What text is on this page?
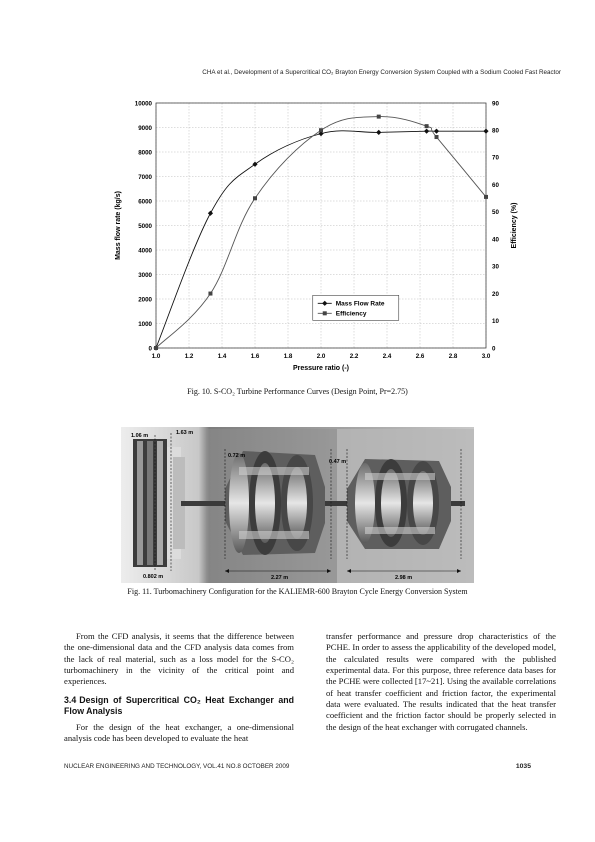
CHA et al., Development of a Supercritical CO₂ Brayton Energy Conversion System Coupled with a Sodium Cooled Fast Reactor
0
1000
2000
3000
4000
5000
6000
7000
8000
9000
10000
0
10
20
30
40
50
60
70
80
90
1.0	1.2	1.4	1.6	1.8	2.0	2.2	2.4	2.6	2.8	3.0
Pressure ratio (-)
Mass flow rate (kg/s)	Efficiency (%)
Mass Flow Rate
Efficiency
Fig. 10. S-CO₂ Turbine Performance Curves (Design Point, Pr=2.75)
1.06 m	1.63 m
0.72 m
0.47 m
0.802 m	2.27 m	2.98 m
Fig. 11. Turbomachinery Configuration for the KALIEMR-600 Brayton Cycle Energy Conversion System

From the CFD analysis, it seems that the difference between the one-dimensional data and the CFD analysis data comes from the lack of real material, such as a loss model for the S-CO₂ turbomachinery in the vicinity of the critical point and experiences.

3.4 Design of Supercritical CO₂ Heat Exchanger and Flow Analysis

For the design of the heat exchanger, a one-dimensional analysis code has been developed to evaluate the heat

transfer performance and pressure drop characteristics of the PCHE. In order to assess the applicability of the developed model, the calculated results were compared with the published experimental data. For this purpose, three reference data bases for the PCHE were collected [17~21]. Using the available correlations of heat transfer coefficient and friction factor, the experimental data were evaluated. The results indicated that the heat transfer coefficient and the friction factor should be properly selected in the design of the heat exchanger with corrugated channels.

NUCLEAR ENGINEERING AND TECHNOLOGY, VOL.41 NO.8 OCTOBER 2009	1035
